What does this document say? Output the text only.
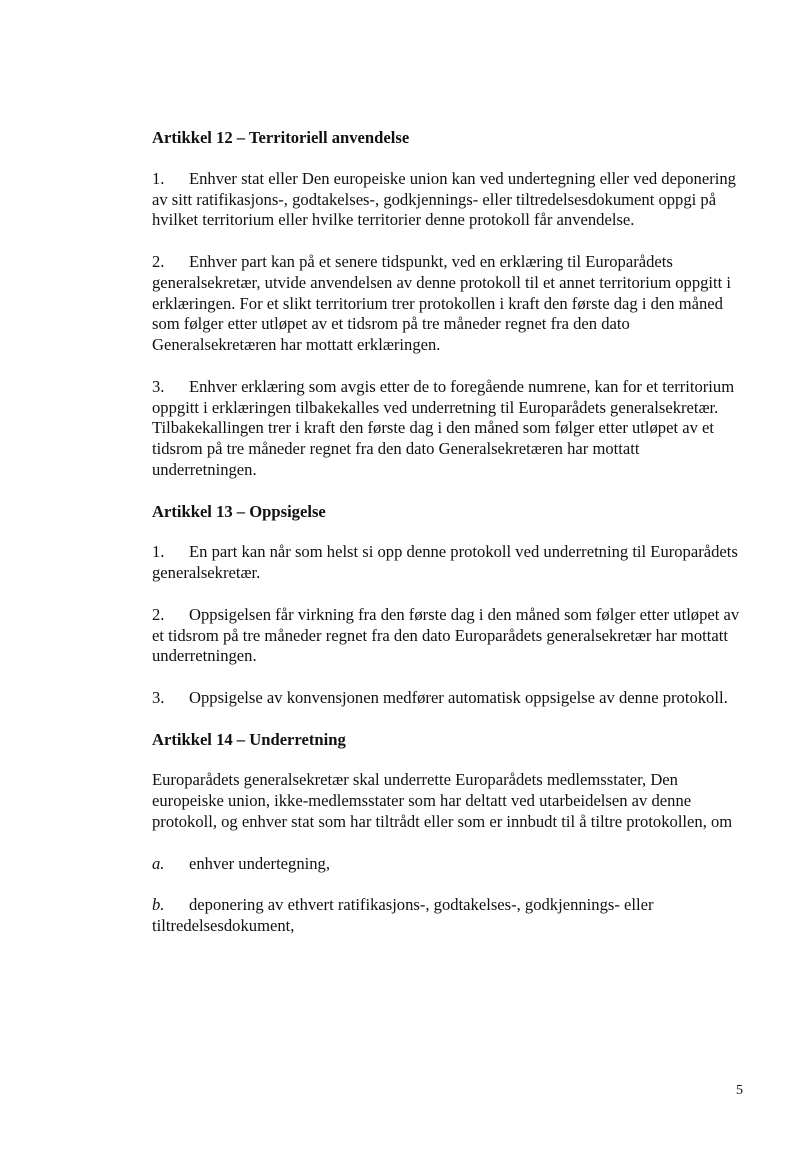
Artikkel 12 – Territoriell anvendelse

1. Enhver stat eller Den europeiske union kan ved undertegning eller ved deponering av sitt ratifikasjons-, godtakelses-, godkjennings- eller tiltredelsesdokument oppgi på hvilket territorium eller hvilke territorier denne protokoll får anvendelse.

2. Enhver part kan på et senere tidspunkt, ved en erklæring til Europarådets generalsekretær, utvide anvendelsen av denne protokoll til et annet territorium oppgitt i erklæringen. For et slikt territorium trer protokollen i kraft den første dag i den måned som følger etter utløpet av et tidsrom på tre måneder regnet fra den dato Generalsekretæren har mottatt erklæringen.

3. Enhver erklæring som avgis etter de to foregående numrene, kan for et territorium oppgitt i erklæringen tilbakekalles ved underretning til Europarådets generalsekretær. Tilbakekallingen trer i kraft den første dag i den måned som følger etter utløpet av et tidsrom på tre måneder regnet fra den dato Generalsekretæren har mottatt underretningen.

Artikkel 13 – Oppsigelse

1. En part kan når som helst si opp denne protokoll ved underretning til Europarådets generalsekretær.

2. Oppsigelsen får virkning fra den første dag i den måned som følger etter utløpet av et tidsrom på tre måneder regnet fra den dato Europarådets generalsekretær har mottatt underretningen.

3. Oppsigelse av konvensjonen medfører automatisk oppsigelse av denne protokoll.

Artikkel 14 – Underretning

Europarådets generalsekretær skal underrette Europarådets medlemsstater, Den europeiske union, ikke-medlemsstater som har deltatt ved utarbeidelsen av denne protokoll, og enhver stat som har tiltrådt eller som er innbudt til å tiltre protokollen, om

a. enhver undertegning,

b. deponering av ethvert ratifikasjons-, godtakelses-, godkjennings- eller tiltredelsesdokument,

5
